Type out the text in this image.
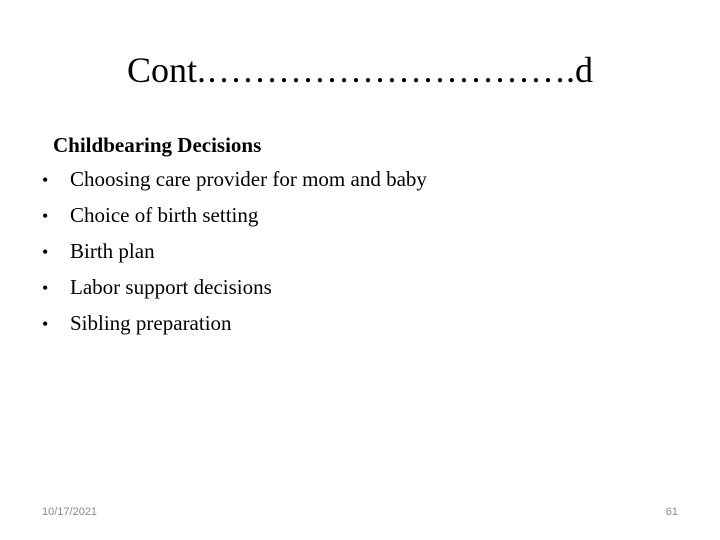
Cont.………………………….d
Childbearing Decisions
•	Choosing care provider for mom and baby
•	Choice of birth setting
•	Birth plan
•	Labor support decisions
•	Sibling preparation
10/17/2021	61
